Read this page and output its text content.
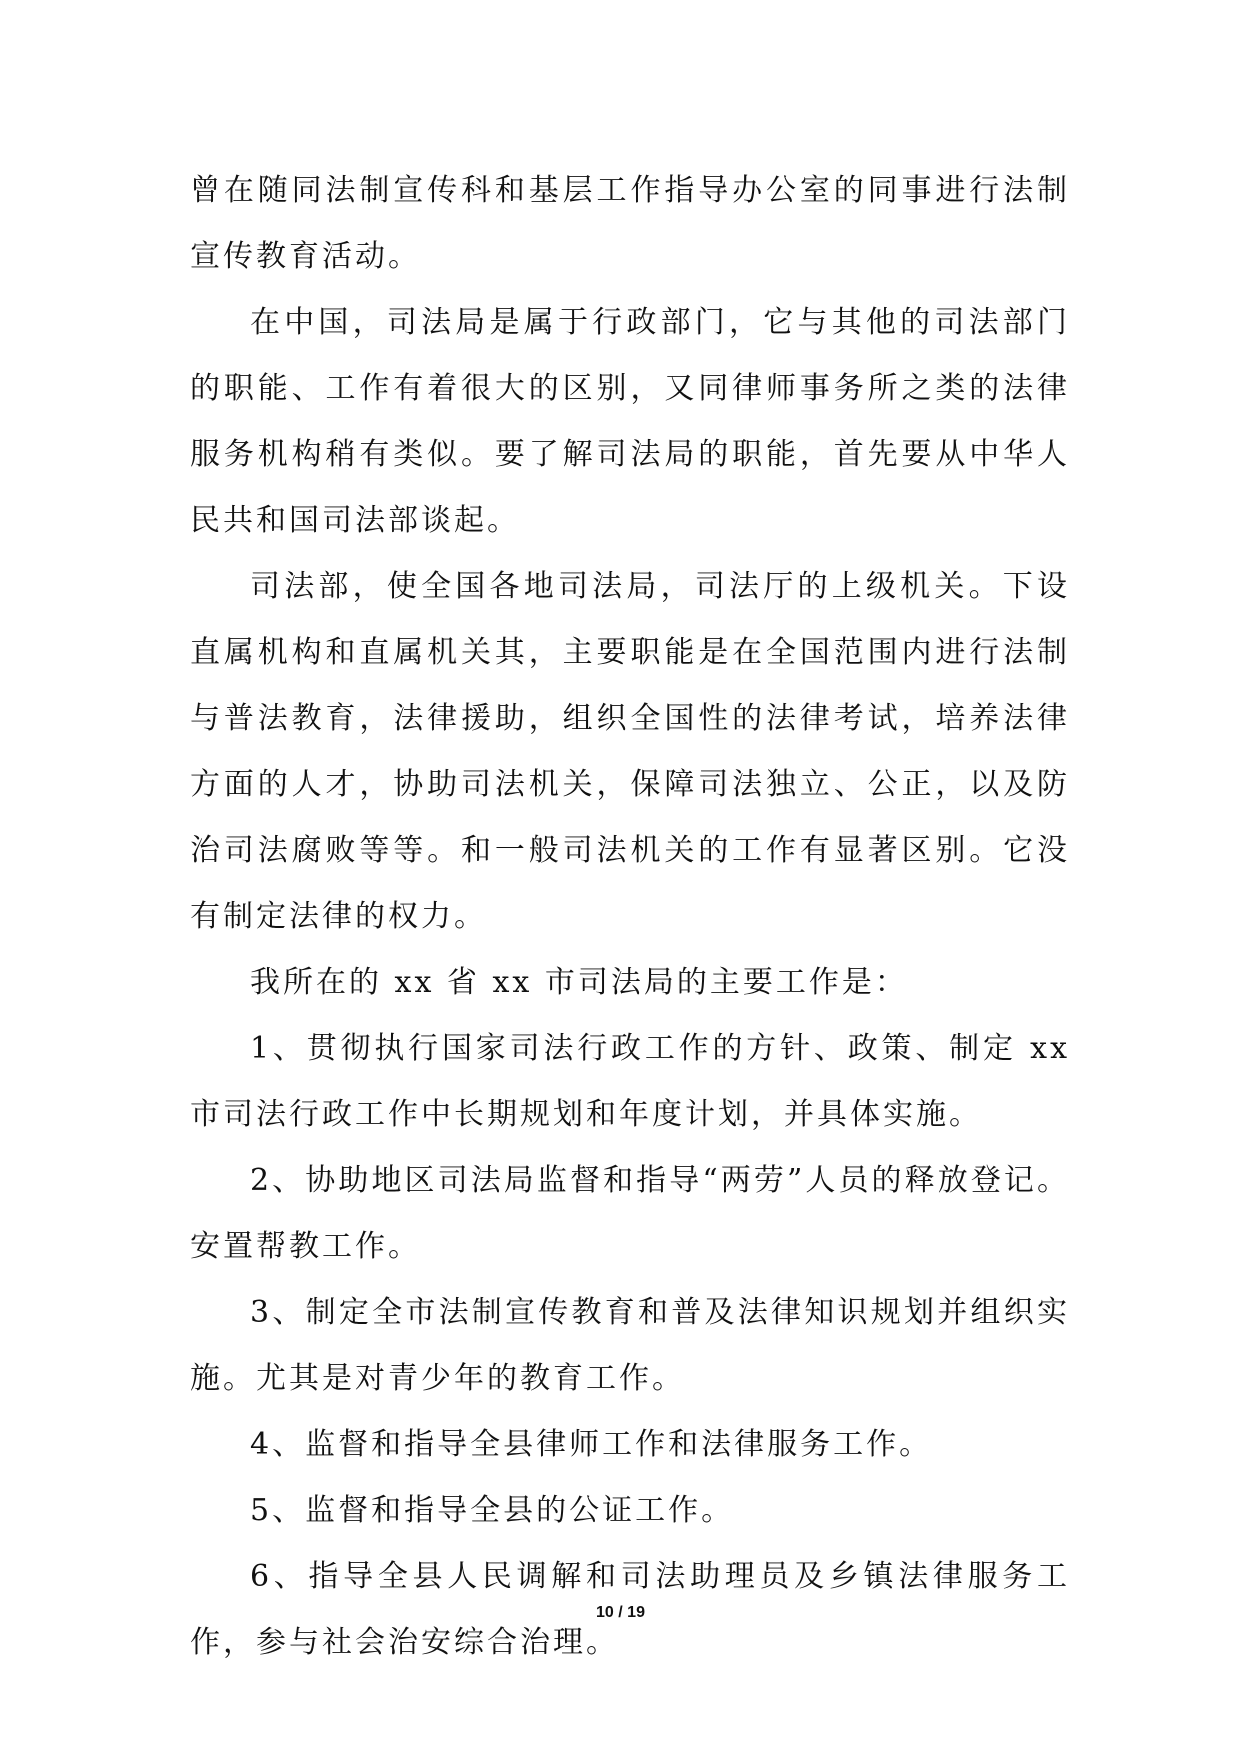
曾在随同法制宣传科和基层工作指导办公室的同事进行法制宣传教育活动。

在中国，司法局是属于行政部门，它与其他的司法部门的职能、工作有着很大的区别，又同律师事务所之类的法律服务机构稍有类似。要了解司法局的职能，首先要从中华人民共和国司法部谈起。

司法部，使全国各地司法局，司法厅的上级机关。下设直属机构和直属机关其，主要职能是在全国范围内进行法制与普法教育，法律援助，组织全国性的法律考试，培养法律方面的人才，协助司法机关，保障司法独立、公正，以及防治司法腐败等等。和一般司法机关的工作有显著区别。它没有制定法律的权力。

我所在的 xx 省 xx 市司法局的主要工作是：

1、贯彻执行国家司法行政工作的方针、政策、制定 xx 市司法行政工作中长期规划和年度计划，并具体实施。

2、协助地区司法局监督和指导“两劳”人员的释放登记。安置帮教工作。

3、制定全市法制宣传教育和普及法律知识规划并组织实施。尤其是对青少年的教育工作。

4、监督和指导全县律师工作和法律服务工作。

5、监督和指导全县的公证工作。

6、指导全县人民调解和司法助理员及乡镇法律服务工作，参与社会治安综合治理。

10 / 19
